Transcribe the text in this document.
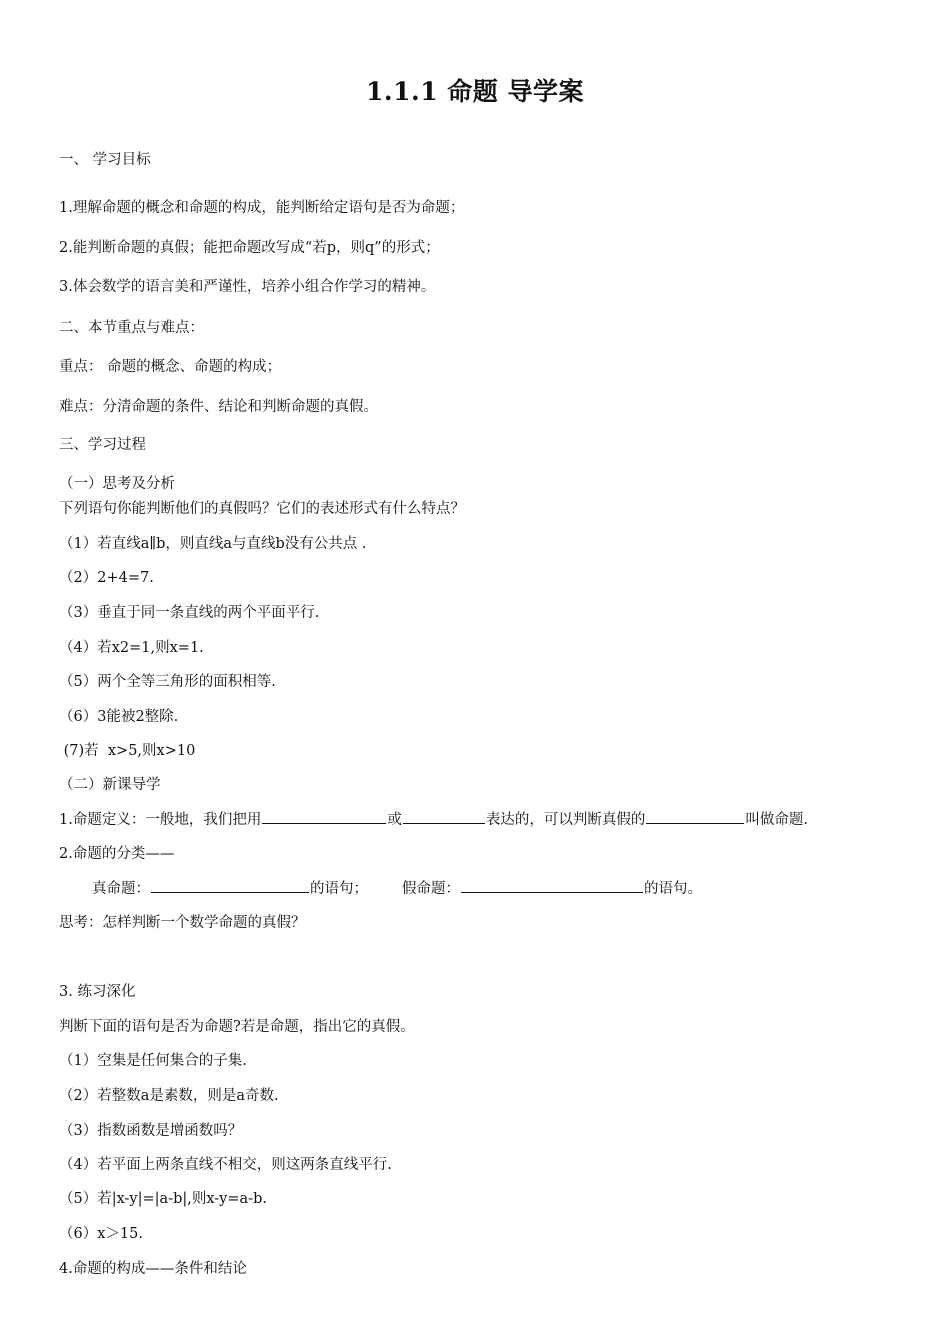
1.1.1 命题 导学案
一、 学习目标
1.理解命题的概念和命题的构成，能判断给定语句是否为命题；
2.能判断命题的真假；能把命题改写成“若p，则q”的形式；
3.体会数学的语言美和严谨性，培养小组合作学习的精神。
二、本节重点与难点：
重点： 命题的概念、命题的构成；
难点：分清命题的条件、结论和判断命题的真假。
三、学习过程
（一）思考及分析
下列语句你能判断他们的真假吗？它们的表述形式有什么特点？
（1）若直线a∥b，则直线a与直线b没有公共点 .
（2）2+4=7.
（3）垂直于同一条直线的两个平面平行.
（4）若x2=1,则x=1.
（5）两个全等三角形的面积相等.
（6）3能被2整除.
(7)若  x>5,则x>10
（二）新课导学
1.命题定义：一般地，我们把用	或	表达的，可以判断真假的	叫做命题.
2.命题的分类——
真命题：	的语句； 假命题：	的语句。
思考：怎样判断一个数学命题的真假？
3. 练习深化
判断下面的语句是否为命题?若是命题，指出它的真假。
（1）空集是任何集合的子集.
（2）若整数a是素数，则是a奇数.
（3）指数函数是增函数吗？
（4）若平面上两条直线不相交，则这两条直线平行.
（5）若|x-y|=|a-b|,则x-y=a-b.
（6）x＞15.
4.命题的构成——条件和结论
